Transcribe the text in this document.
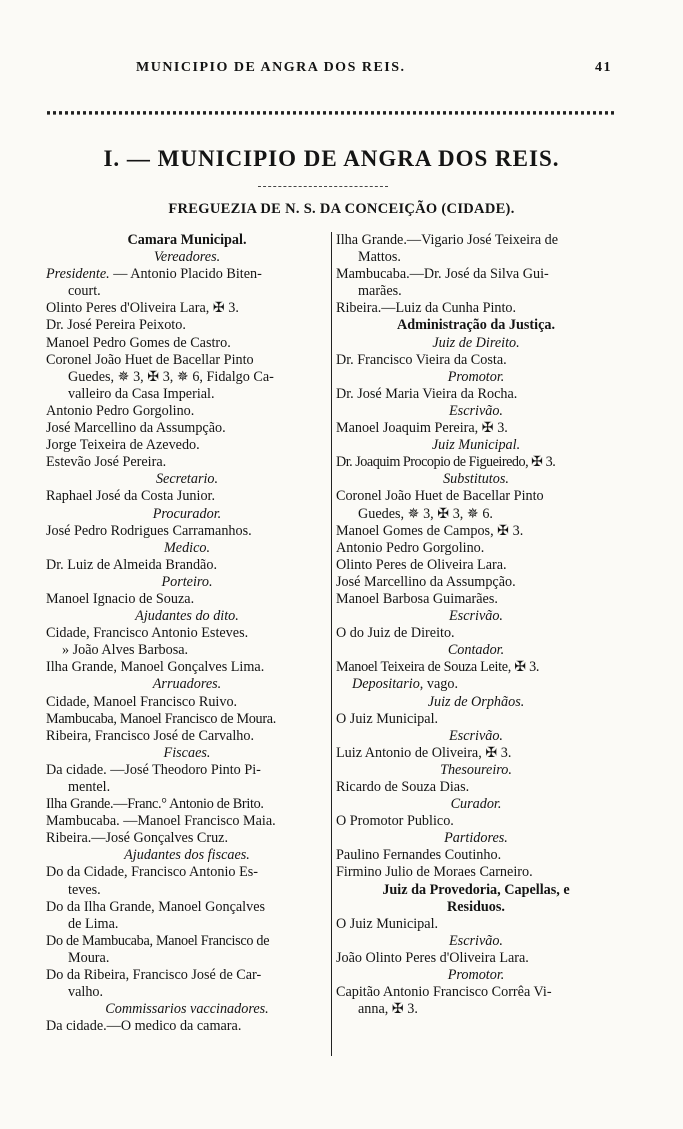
MUNICIPIO DE ANGRA DOS REIS.	41
I. — MUNICIPIO DE ANGRA DOS REIS.
FREGUEZIA DE N. S. DA CONCEIÇÃO (CIDADE).
Camara Municipal.
Vereadores.
Presidente. — Antonio Placido Biten-
court.
Olinto Peres d'Oliveira Lara, ✠ 3.
Dr. José Pereira Peixoto.
Manoel Pedro Gomes de Castro.
Coronel João Huet de Bacellar Pinto
Guedes, ✵ 3, ✠ 3, ✵ 6, Fidalgo Ca-
valleiro da Casa Imperial.
Antonio Pedro Gorgolino.
José Marcellino da Assumpção.
Jorge Teixeira de Azevedo.
Estevão José Pereira.
Secretario.
Raphael José da Costa Junior.
Procurador.
José Pedro Rodrigues Carramanhos.
Medico.
Dr. Luiz de Almeida Brandão.
Porteiro.
Manoel Ignacio de Souza.
Ajudantes do dito.
Cidade, Francisco Antonio Esteves.
» João Alves Barbosa.
Ilha Grande, Manoel Gonçalves Lima.
Arruadores.
Cidade, Manoel Francisco Ruivo.
Mambucaba, Manoel Francisco de Moura.
Ribeira, Francisco José de Carvalho.
Fiscaes.
Da cidade. —José Theodoro Pinto Pi-
mentel.
Ilha Grande.—Franc.° Antonio de Brito.
Mambucaba. —Manoel Francisco Maia.
Ribeira.—José Gonçalves Cruz.
Ajudantes dos fiscaes.
Do da Cidade, Francisco Antonio Es-
teves.
Do da Ilha Grande, Manoel Gonçalves
de Lima.
Do de Mambucaba, Manoel Francisco de
Moura.
Do da Ribeira, Francisco José de Car-
valho.
Commissarios vaccinadores.
Da cidade.—O medico da camara.
Ilha Grande.—Vigario José Teixeira de
Mattos.
Mambucaba.—Dr. José da Silva Gui-
marães.
Ribeira.—Luiz da Cunha Pinto.
Administração da Justiça.
Juiz de Direito.
Dr. Francisco Vieira da Costa.
Promotor.
Dr. José Maria Vieira da Rocha.
Escrivão.
Manoel Joaquim Pereira, ✠ 3.
Juiz Municipal.
Dr. Joaquim Procopio de Figueiredo, ✠ 3.
Substitutos.
Coronel João Huet de Bacellar Pinto
Guedes, ✵ 3, ✠ 3, ✵ 6.
Manoel Gomes de Campos, ✠ 3.
Antonio Pedro Gorgolino.
Olinto Peres de Oliveira Lara.
José Marcellino da Assumpção.
Manoel Barbosa Guimarães.
Escrivão.
O do Juiz de Direito.
Contador.
Manoel Teixeira de Souza Leite, ✠ 3.
Depositario, vago.
Juiz de Orphãos.
O Juiz Municipal.
Escrivão.
Luiz Antonio de Oliveira, ✠ 3.
Thesoureiro.
Ricardo de Souza Dias.
Curador.
O Promotor Publico.
Partidores.
Paulino Fernandes Coutinho.
Firmino Julio de Moraes Carneiro.
Juiz da Provedoria, Capellas, e
Residuos.
O Juiz Municipal.
Escrivão.
João Olinto Peres d'Oliveira Lara.
Promotor.
Capitão Antonio Francisco Corrêa Vi-
anna, ✠ 3.
